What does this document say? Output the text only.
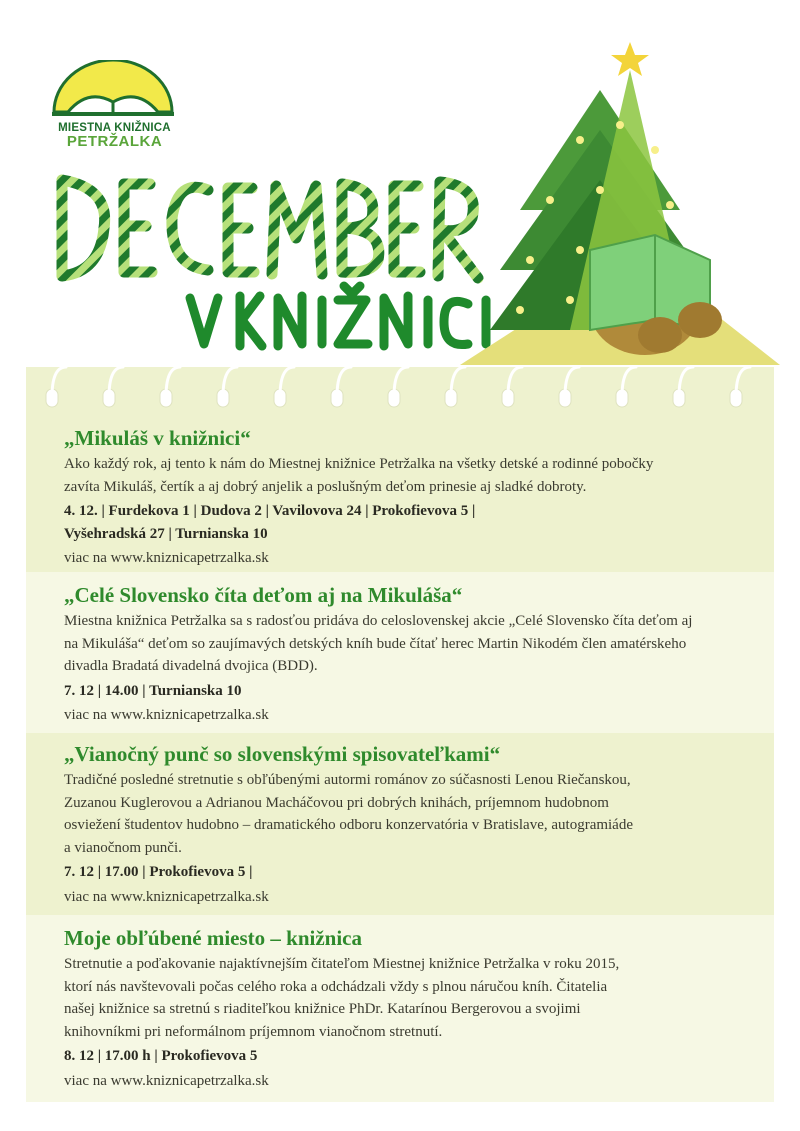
MIESTNA KNIŽNICA
PETRŽALKA
„Mikuláš v knižnici“

Ako každý rok, aj tento k nám do Miestnej knižnice Petržalka na všetky detské a rodinné pobočky
zavíta Mikuláš, čertík a aj dobrý anjelik a poslušným deťom prinesie aj sladké dobroty.

4. 12. | Furdekova 1 | Dudova 2 | Vavilovova 24 | Prokofievova 5 |
Vyšehradská 27 | Turnianska 10

viac na www.kniznicapetrzalka.sk

„Celé Slovensko číta deťom aj na Mikuláša“

Miestna knižnica Petržalka sa s radosťou pridáva do celoslovenskej akcie „Celé Slovensko číta deťom aj
na Mikuláša“ deťom so zaujímavých detských kníh bude čítať herec Martin Nikodém člen amatérskeho
divadla Bradatá divadelná dvojica (BDD).

7. 12 | 14.00 | Turnianska 10

viac na www.kniznicapetrzalka.sk

„Vianočný punč so slovenskými spisovateľkami“

Tradičné posledné stretnutie s obľúbenými autormi románov zo súčasnosti Lenou Riečanskou,
Zuzanou Kuglerovou a Adrianou Macháčovou pri dobrých knihách, príjemnom hudobnom
osviežení študentov hudobno – dramatického odboru konzervatória v Bratislave, autogramiáde
a vianočnom punči.

7. 12 | 17.00 | Prokofievova 5 |

viac na www.kniznicapetrzalka.sk

Moje obľúbené miesto – knižnica

Stretnutie a poďakovanie najaktívnejším čitateľom Miestnej knižnice Petržalka v roku 2015,
ktorí nás navštevovali počas celého roka a odchádzali vždy s plnou náručou kníh. Čitatelia
našej knižnice sa stretnú s riaditeľkou knižnice PhDr. Katarínou Bergerovou a svojimi
knihovníkmi pri neformálnom príjemnom vianočnom stretnutí.

8. 12 | 17.00 h | Prokofievova 5

viac na www.kniznicapetrzalka.sk
